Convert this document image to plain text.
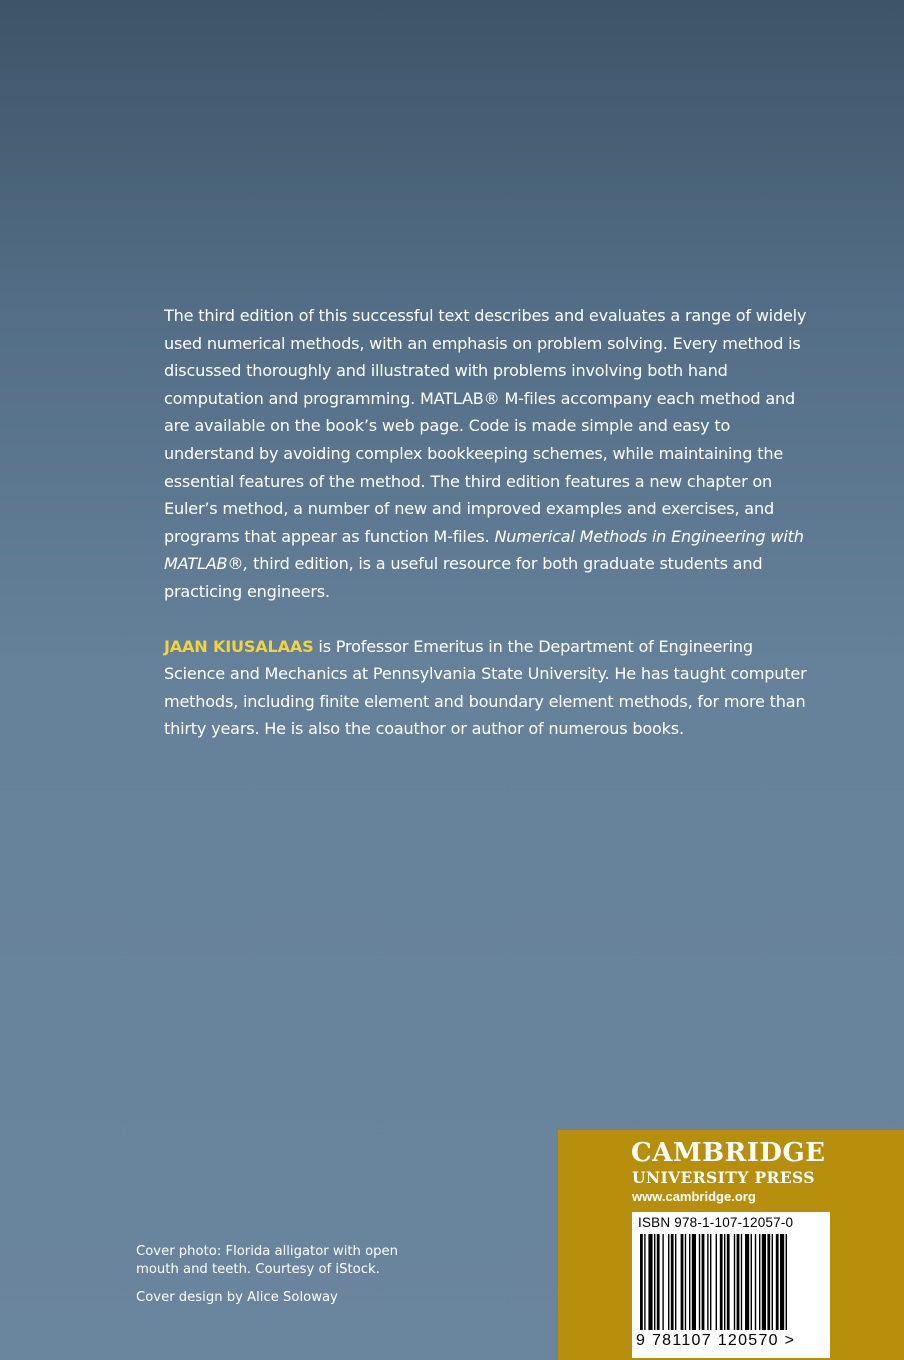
The third edition of this successful text describes and evaluates a range of widely used numerical methods, with an emphasis on problem solving. Every method is discussed thoroughly and illustrated with problems involving both hand computation and programming. MATLAB® M-files accompany each method and are available on the book’s web page. Code is made simple and easy to understand by avoiding complex bookkeeping schemes, while maintaining the essential features of the method. The third edition features a new chapter on Euler’s method, a number of new and improved examples and exercises, and programs that appear as function M-files. Numerical Methods in Engineering with MATLAB®, third edition, is a useful resource for both graduate students and practicing engineers.

JAAN KIUSALAAS is Professor Emeritus in the Department of Engineering Science and Mechanics at Pennsylvania State University. He has taught computer methods, including finite element and boundary element methods, for more than thirty years. He is also the coauthor or author of numerous books.

Cover photo: Florida alligator with open mouth and teeth. Courtesy of iStock.

Cover design by Alice Soloway

CAMBRIDGE
UNIVERSITY PRESS
www.cambridge.org
ISBN 978-1-107-12057-0
9 781107 120570 >
